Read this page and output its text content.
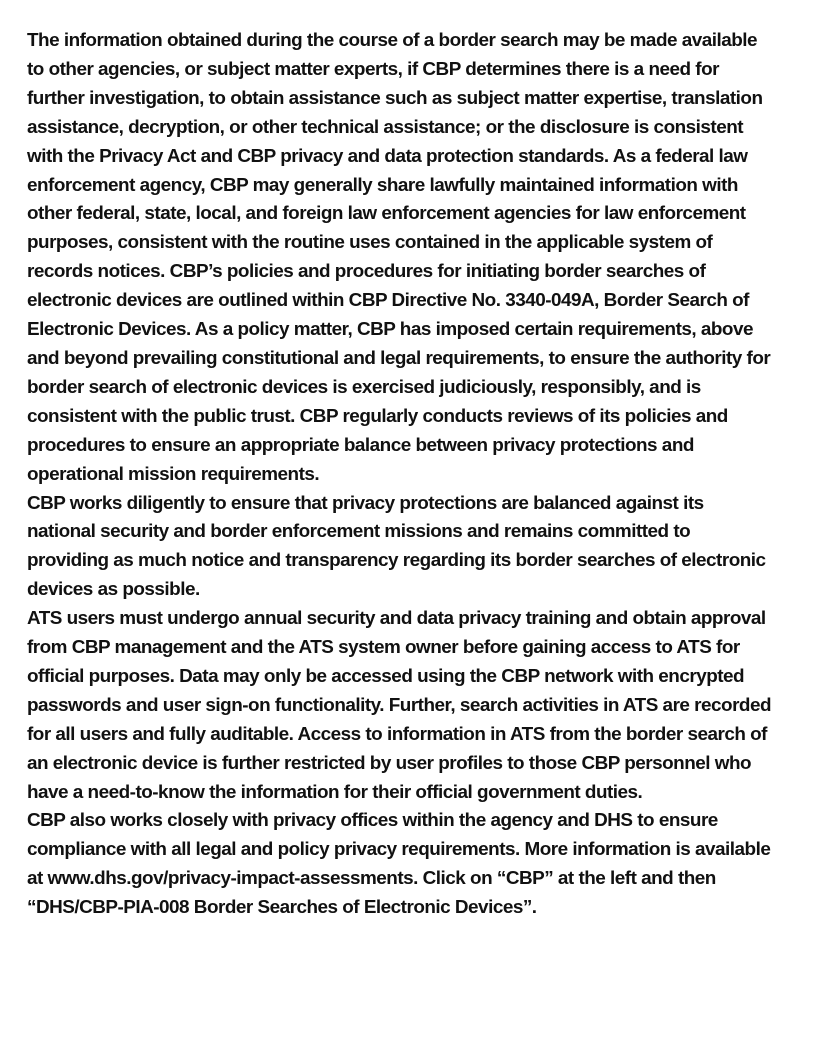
The information obtained during the course of a border search may be made available to other agencies, or subject matter experts, if CBP determines there is a need for further investigation, to obtain assistance such as subject matter expertise, translation assistance, decryption, or other technical assistance; or the disclosure is consistent with the Privacy Act and CBP privacy and data protection standards. As a federal law enforcement agency, CBP may generally share lawfully maintained information with other federal, state, local, and foreign law enforcement agencies for law enforcement purposes, consistent with the routine uses contained in the applicable system of records notices. CBP’s policies and procedures for initiating border searches of electronic devices are outlined within CBP Directive No. 3340-049A, Border Search of Electronic Devices. As a policy matter, CBP has imposed certain requirements, above and beyond prevailing constitutional and legal requirements, to ensure the authority for border search of electronic devices is exercised judiciously, responsibly, and is consistent with the public trust. CBP regularly conducts reviews of its policies and procedures to ensure an appropriate balance between privacy protections and operational mission requirements.

CBP works diligently to ensure that privacy protections are balanced against its national security and border enforcement missions and remains committed to providing as much notice and transparency regarding its border searches of electronic devices as possible.

ATS users must undergo annual security and data privacy training and obtain approval from CBP management and the ATS system owner before gaining access to ATS for official purposes. Data may only be accessed using the CBP network with encrypted passwords and user sign-on functionality. Further, search activities in ATS are recorded for all users and fully auditable. Access to information in ATS from the border search of an electronic device is further restricted by user profiles to those CBP personnel who have a need-to-know the information for their official government duties.

CBP also works closely with privacy offices within the agency and DHS to ensure compliance with all legal and policy privacy requirements. More information is available at www.dhs.gov/privacy-impact-assessments. Click on “CBP” at the left and then “DHS/CBP-PIA-008 Border Searches of Electronic Devices”.
